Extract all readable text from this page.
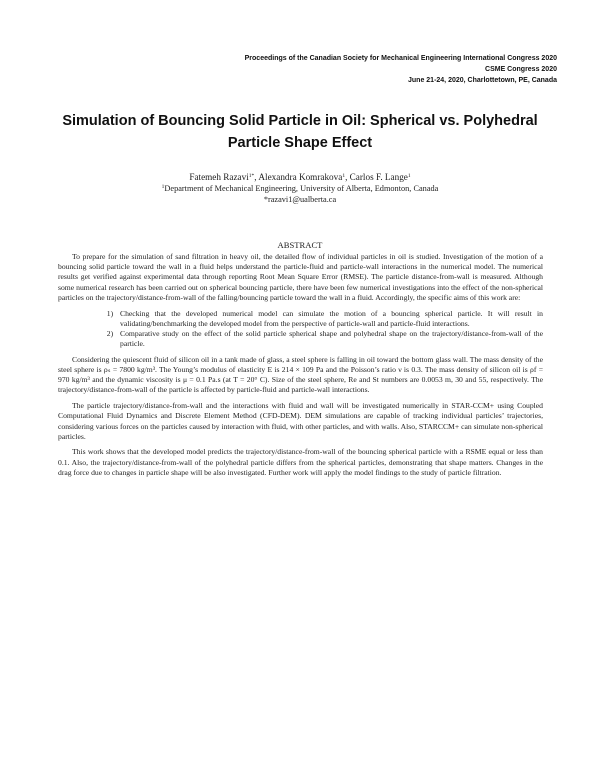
Proceedings of the Canadian Society for Mechanical Engineering International Congress 2020
CSME Congress 2020
June 21-24, 2020, Charlottetown, PE, Canada
Simulation of Bouncing Solid Particle in Oil: Spherical vs. Polyhedral
Particle Shape Effect
Fatemeh Razavi$^{1*}$, Alexandra Komrakova$^1$, Carlos F. Lange$^1$
$^1$Department of Mechanical Engineering, University of Alberta, Edmonton, Canada
*razavi1@ualberta.ca
ABSTRACT

To prepare for the simulation of sand filtration in heavy oil, the detailed flow of individual particles in oil is studied. Investigation of the motion of a bouncing solid particle toward the wall in a fluid helps understand the particle-fluid and particle-wall interactions in the numerical model. The numerical results get verified against experimental data through reporting Root Mean Square Error (RMSE). The particle distance-from-wall is measured. Although some numerical research has been carried out on spherical bouncing particle, there have been few numerical investigations into the effect of the non-spherical particles on the trajectory/distance-from-wall of the falling/bouncing particle toward the wall in a fluid. Accordingly, the specific aims of this work are:

1. Checking that the developed numerical model can simulate the motion of a bouncing spherical particle. It will result in validating/benchmarking the developed model from the perspective of particle-wall and particle-fluid interactions.
2. Comparative study on the effect of the solid particle spherical shape and polyhedral shape on the trajectory/distance-from-wall of the particle.

Considering the quiescent fluid of silicon oil in a tank made of glass, a steel sphere is falling in oil toward the bottom glass wall. The mass density of the steel sphere is ρₛ = 7800 kg/m³. The Young’s modulus of elasticity E is 214 × 109 Pa and the Poisson’s ratio ν is 0.3. The mass density of silicon oil is ρf = 970 kg/m³ and the dynamic viscosity is μ = 0.1 Pa.s (at T = 20° C). Size of the steel sphere, Re and St numbers are 0.0053 m, 30 and 55, respectively. The trajectory/distance-from-wall of the particle is affected by particle-fluid and particle-wall interactions.

The particle trajectory/distance-from-wall and the interactions with fluid and wall will be investigated numerically in STAR-CCM+ using Coupled Computational Fluid Dynamics and Discrete Element Method (CFD-DEM). DEM simulations are capable of tracking individual particles’ trajectories, considering various forces on the particles caused by interaction with fluid, with other particles, and with walls. Also, STARCCM+ can simulate non-spherical particles.

This work shows that the developed model predicts the trajectory/distance-from-wall of the bouncing spherical particle with a RSME equal or less than 0.1. Also, the trajectory/distance-from-wall of the polyhedral particle differs from the spherical particles, demonstrating that shape matters. Changes in the drag force due to changes in particle shape will be also investigated. Further work will apply the model findings to the study of particle filtration.
